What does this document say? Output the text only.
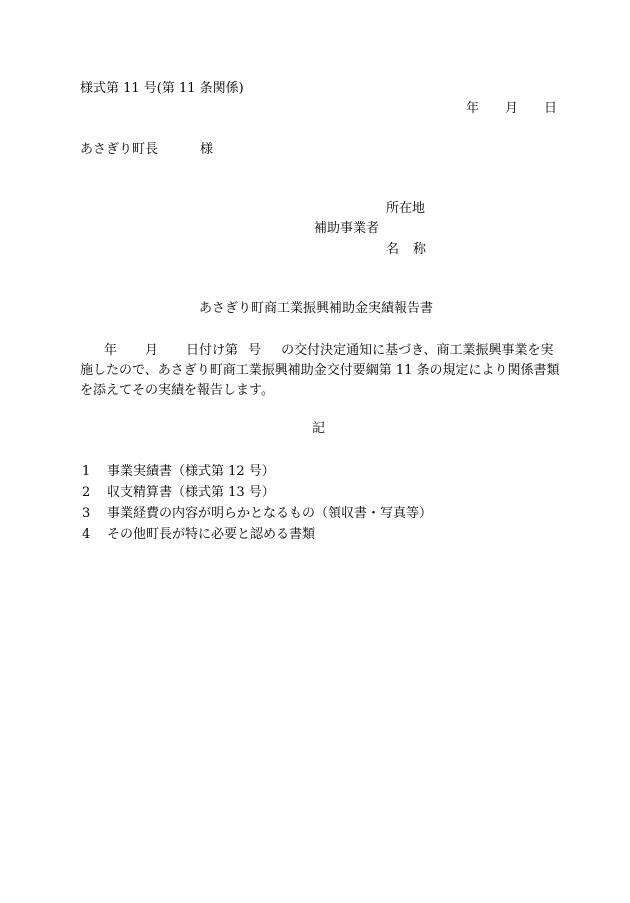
様式第 11 号(第 11 条関係)
年 月 日
あさぎり町長	様
所在地
補助事業者
名 称
あさぎり町商工業振興補助金実績報告書
年 月 日付け第 号 の交付決定通知に基づき、商工業振興事業を実施したので、あさぎり町商工業振興補助金交付要綱第 11 条の規定により関係書類を添えてその実績を報告します。
記
1 事業実績書（様式第 12 号）
2 収支精算書（様式第 13 号）
3 事業経費の内容が明らかとなるもの（領収書・写真等）
4 その他町長が特に必要と認める書類
